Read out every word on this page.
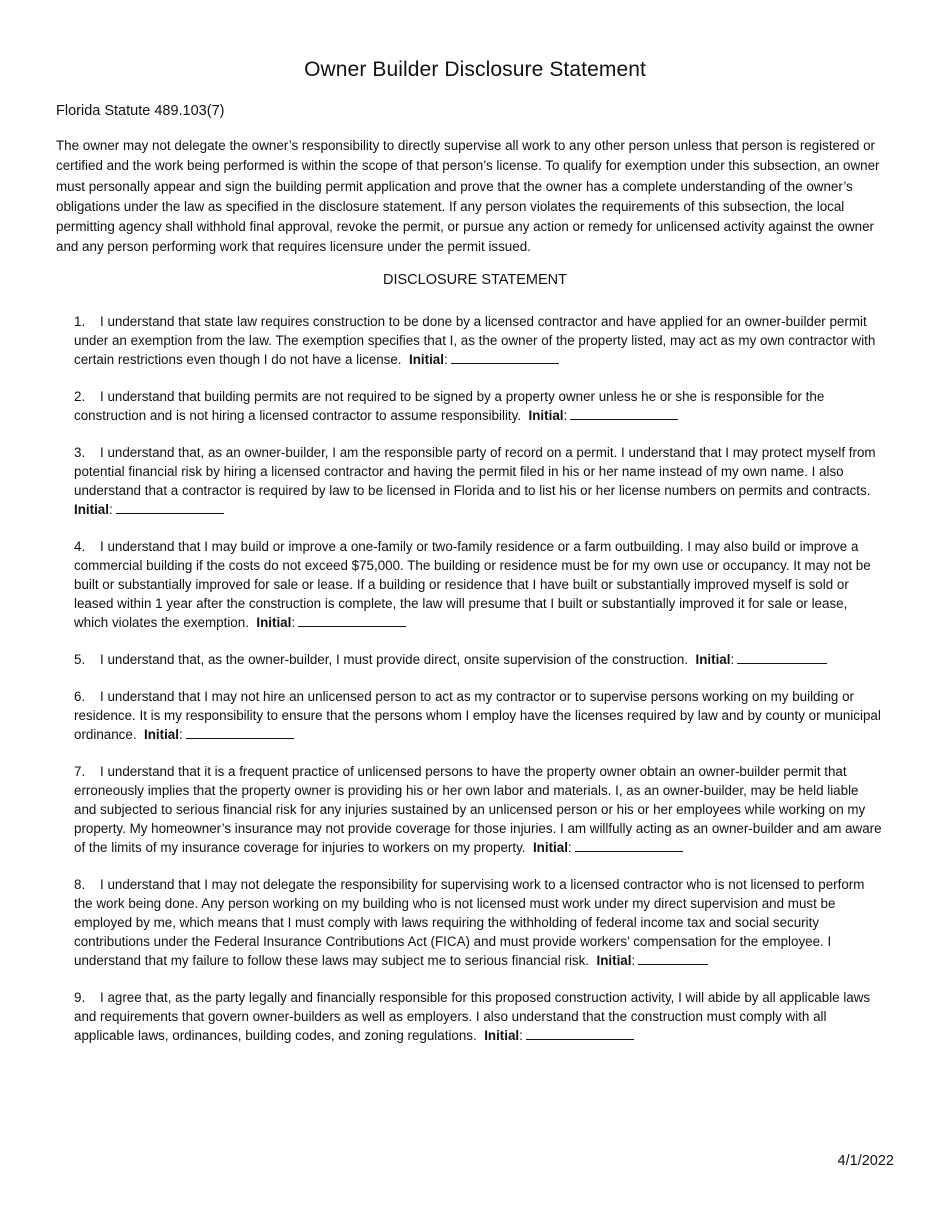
Owner Builder Disclosure Statement
Florida Statute 489.103(7)
The owner may not delegate the owner’s responsibility to directly supervise all work to any other person unless that person is registered or certified and the work being performed is within the scope of that person’s license. To qualify for exemption under this subsection, an owner must personally appear and sign the building permit application and prove that the owner has a complete understanding of the owner’s obligations under the law as specified in the disclosure statement. If any person violates the requirements of this subsection, the local permitting agency shall withhold final approval, revoke the permit, or pursue any action or remedy for unlicensed activity against the owner and any person performing work that requires licensure under the permit issued.
DISCLOSURE STATEMENT
1. I understand that state law requires construction to be done by a licensed contractor and have applied for an owner-builder permit under an exemption from the law. The exemption specifies that I, as the owner of the property listed, may act as my own contractor with certain restrictions even though I do not have a license. Initial:
2. I understand that building permits are not required to be signed by a property owner unless he or she is responsible for the construction and is not hiring a licensed contractor to assume responsibility. Initial:
3. I understand that, as an owner-builder, I am the responsible party of record on a permit. I understand that I may protect myself from potential financial risk by hiring a licensed contractor and having the permit filed in his or her name instead of my own name. I also understand that a contractor is required by law to be licensed in Florida and to list his or her license numbers on permits and contracts.  Initial:
4. I understand that I may build or improve a one-family or two-family residence or a farm outbuilding. I may also build or improve a commercial building if the costs do not exceed $75,000. The building or residence must be for my own use or occupancy. It may not be built or substantially improved for sale or lease. If a building or residence that I have built or substantially improved myself is sold or leased within 1 year after the construction is complete, the law will presume that I built or substantially improved it for sale or lease, which violates the exemption. Initial:
5. I understand that, as the owner-builder, I must provide direct, onsite supervision of the construction. Initial:
6. I understand that I may not hire an unlicensed person to act as my contractor or to supervise persons working on my building or residence. It is my responsibility to ensure that the persons whom I employ have the licenses required by law and by county or municipal ordinance. Initial:
7. I understand that it is a frequent practice of unlicensed persons to have the property owner obtain an owner-builder permit that erroneously implies that the property owner is providing his or her own labor and materials. I, as an owner-builder, may be held liable and subjected to serious financial risk for any injuries sustained by an unlicensed person or his or her employees while working on my property. My homeowner’s insurance may not provide coverage for those injuries. I am willfully acting as an owner-builder and am aware of the limits of my insurance coverage for injuries to workers on my property. Initial:
8. I understand that I may not delegate the responsibility for supervising work to a licensed contractor who is not licensed to perform the work being done. Any person working on my building who is not licensed must work under my direct supervision and must be employed by me, which means that I must comply with laws requiring the withholding of federal income tax and social security contributions under the Federal Insurance Contributions Act (FICA) and must provide workers’ compensation for the employee. I understand that my failure to follow these laws may subject me to serious financial risk. Initial:
9. I agree that, as the party legally and financially responsible for this proposed construction activity, I will abide by all applicable laws and requirements that govern owner-builders as well as employers. I also understand that the construction must comply with all applicable laws, ordinances, building codes, and zoning regulations. Initial:
4/1/2022
